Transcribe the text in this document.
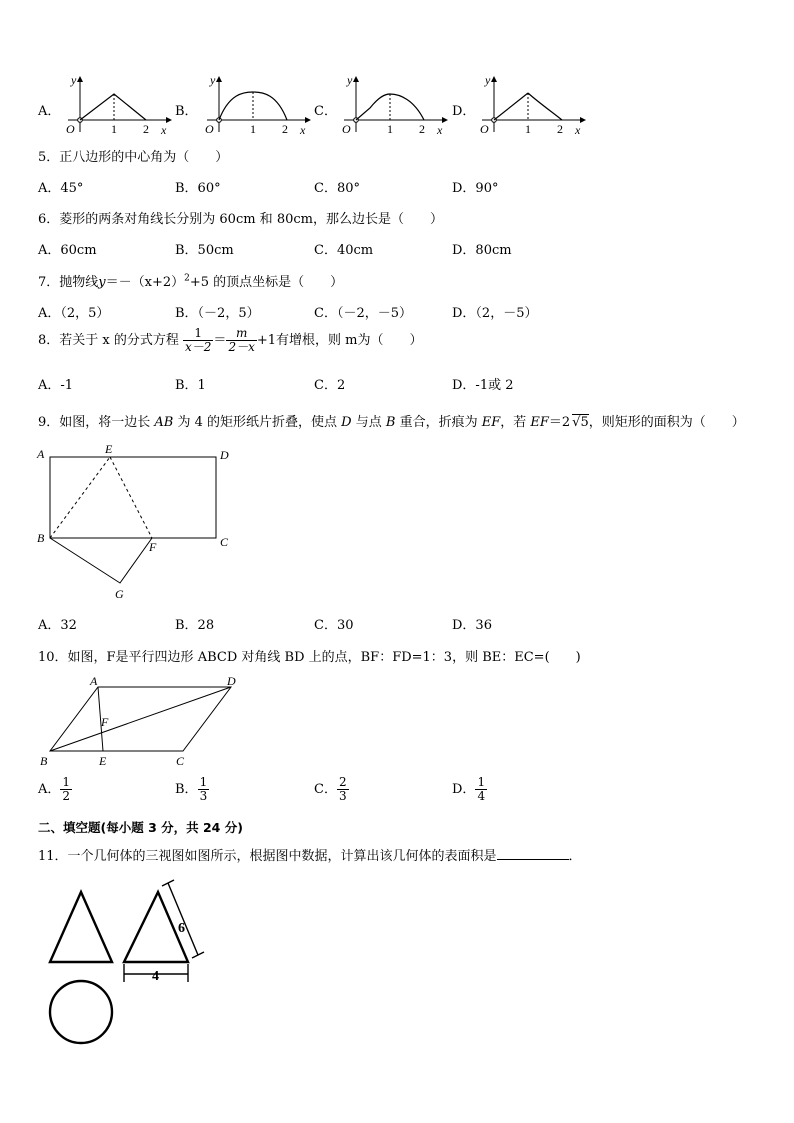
A．	B．	C．	D．
y
x
O	1 2
y
x
O	1 2
y
x
O	1 2
y
x
O	1 2
5．正八边形的中心角为（　　）
A．45°	B．60°	C．80°	D．90°
6．菱形的两条对角线长分别为 60cm 和 80cm，那么边长是（　　）
A．60cm	B．50cm	C．40cm	D．80cm
7．抛物线$y=-(x+2)^2+5$ 的顶点坐标是（　　）
A．（2，5）	B．（－2，5）	C．（－2，－5）	D．（2，－5）
8．若关于 x 的分式方程 $\frac{1}{x-2} = \frac{m}{2-x} +1$有增根，则 m为（　　）
A．-1	B．1	C．2	D．-1或 2
9．如图，将一边长 AB 为 4 的矩形纸片折叠，使点 D 与点 B 重合，折痕为 EF，若 EF＝2 √5，则矩形的面积为（　　）
A	E	D
B
F	C
G
A．32	B．28	C．30	D．36
10．如图，F是平行四边形 ABCD 对角线 BD 上的点，BF：FD=1：3，则 BE：EC=(　　)
A	D
F
B	E	C
A． $\frac{1}{2}$	B． $\frac{1}{3}$	C． $\frac{2}{3}$	D． $\frac{1}{4}$
二、填空题(每小题 3 分，共 24 分)
11．一个几何体的三视图如图所示，根据图中数据，计算出该几何体的表面积是	．
6
4
